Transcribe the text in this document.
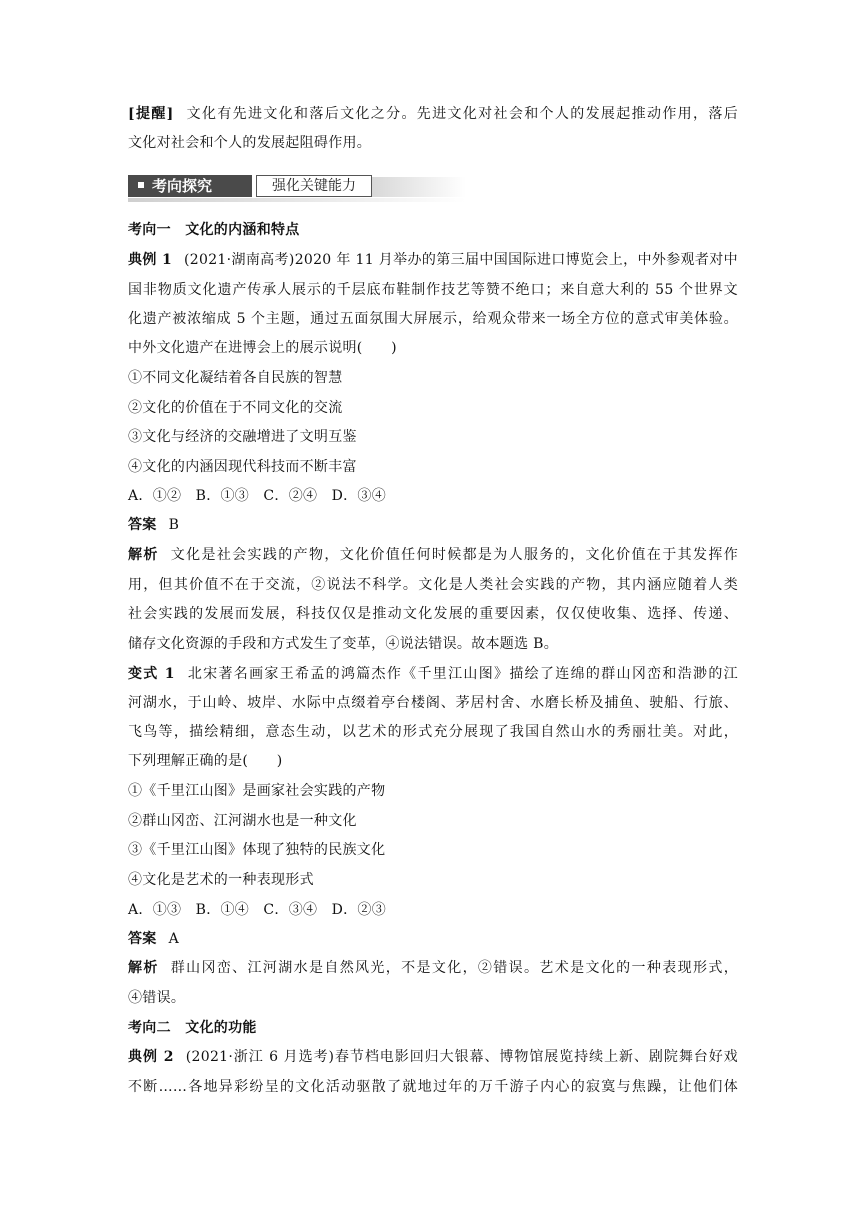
[提醒] 文化有先进文化和落后文化之分。先进文化对社会和个人的发展起推动作用，落后
文化对社会和个人的发展起阻碍作用。
考向探究	强化关键能力
考向一　文化的内涵和特点
典例 1 (2021·湖南高考)2020 年 11 月举办的第三届中国国际进口博览会上，中外参观者对中
国非物质文化遗产传承人展示的千层底布鞋制作技艺等赞不绝口；来自意大利的 55 个世界文
化遗产被浓缩成 5 个主题，通过五面氛围大屏展示，给观众带来一场全方位的意式审美体验。
中外文化遗产在进博会上的展示说明(　　)
①不同文化凝结着各自民族的智慧
②文化的价值在于不同文化的交流
③文化与经济的交融增进了文明互鉴
④文化的内涵因现代科技而不断丰富
A．①②　B．①③　C．②④　D．③④
答案 B
解析 文化是社会实践的产物，文化价值任何时候都是为人服务的，文化价值在于其发挥作
用，但其价值不在于交流，②说法不科学。文化是人类社会实践的产物，其内涵应随着人类
社会实践的发展而发展，科技仅仅是推动文化发展的重要因素，仅仅使收集、选择、传递、
储存文化资源的手段和方式发生了变革，④说法错误。故本题选 B。
变式 1 北宋著名画家王希孟的鸿篇杰作《千里江山图》描绘了连绵的群山冈峦和浩渺的江
河湖水，于山岭、坡岸、水际中点缀着亭台楼阁、茅居村舍、水磨长桥及捕鱼、驶船、行旅、
飞鸟等，描绘精细，意态生动，以艺术的形式充分展现了我国自然山水的秀丽壮美。对此，
下列理解正确的是(　　)
①《千里江山图》是画家社会实践的产物
②群山冈峦、江河湖水也是一种文化
③《千里江山图》体现了独特的民族文化
④文化是艺术的一种表现形式
A．①③　B．①④　C．③④　D．②③
答案 A
解析 群山冈峦、江河湖水是自然风光，不是文化，②错误。艺术是文化的一种表现形式，
④错误。
考向二　文化的功能
典例 2 (2021·浙江 6 月选考)春节档电影回归大银幕、博物馆展览持续上新、剧院舞台好戏
不断……各地异彩纷呈的文化活动驱散了就地过年的万千游子内心的寂寞与焦躁，让他们体
